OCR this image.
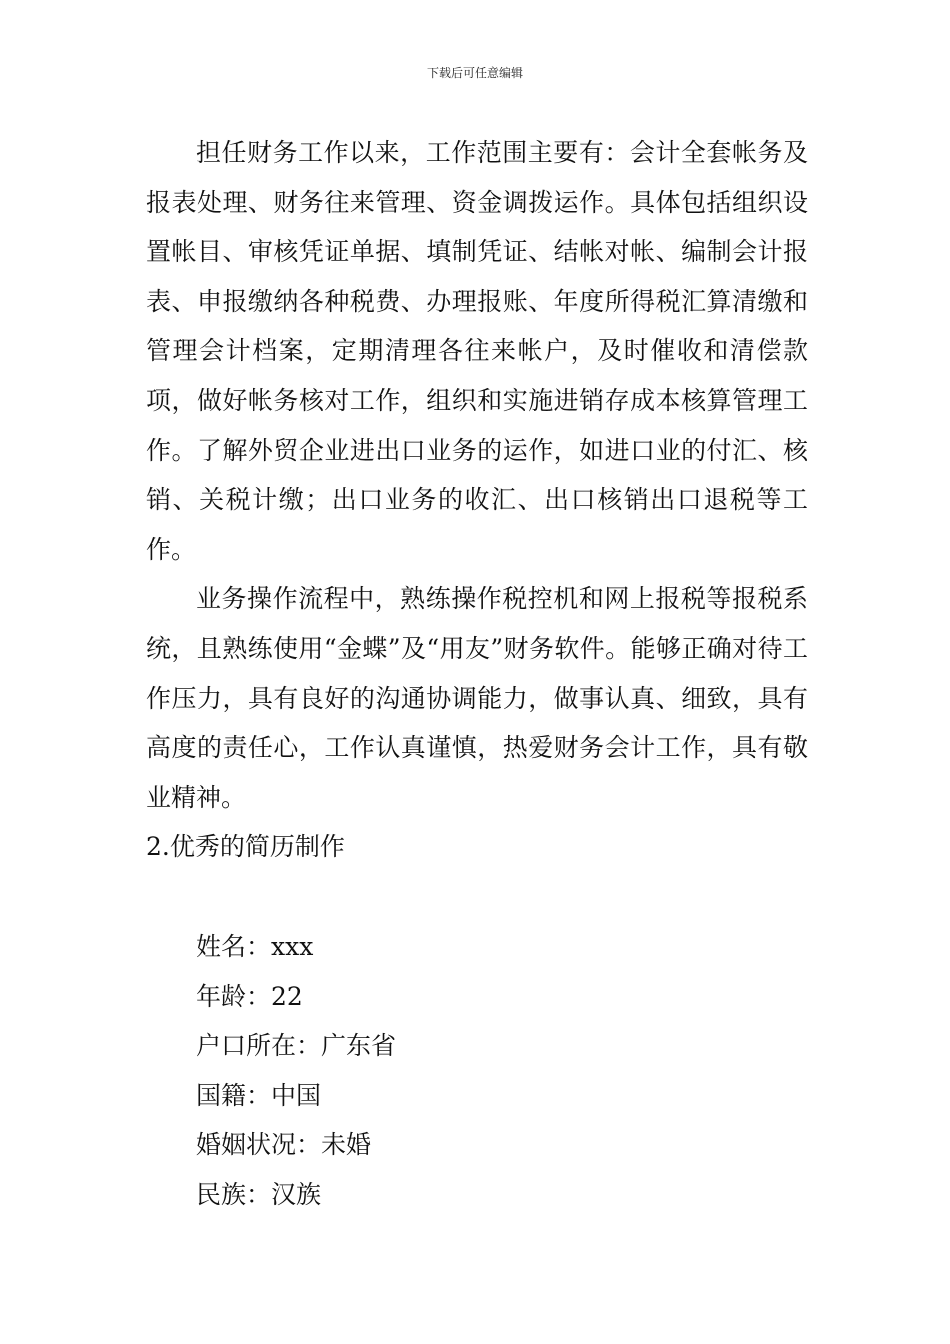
下载后可任意编辑

担任财务工作以来，工作范围主要有：会计全套帐务及报表处理、财务往来管理、资金调拨运作。具体包括组织设置帐目、审核凭证单据、填制凭证、结帐对帐、编制会计报表、申报缴纳各种税费、办理报账、年度所得税汇算清缴和管理会计档案，定期清理各往来帐户，及时催收和清偿款项，做好帐务核对工作，组织和实施进销存成本核算管理工作。了解外贸企业进出口业务的运作，如进口业的付汇、核销、关税计缴；出口业务的收汇、出口核销出口退税等工作。

业务操作流程中，熟练操作税控机和网上报税等报税系统，且熟练使用“金蝶”及“用友”财务软件。能够正确对待工作压力，具有良好的沟通协调能力，做事认真、细致，具有高度的责任心，工作认真谨慎，热爱财务会计工作，具有敬业精神。

2.优秀的简历制作

姓名：xxx
年龄：22
户口所在：广东省
国籍：中国
婚姻状况：未婚
民族：汉族
